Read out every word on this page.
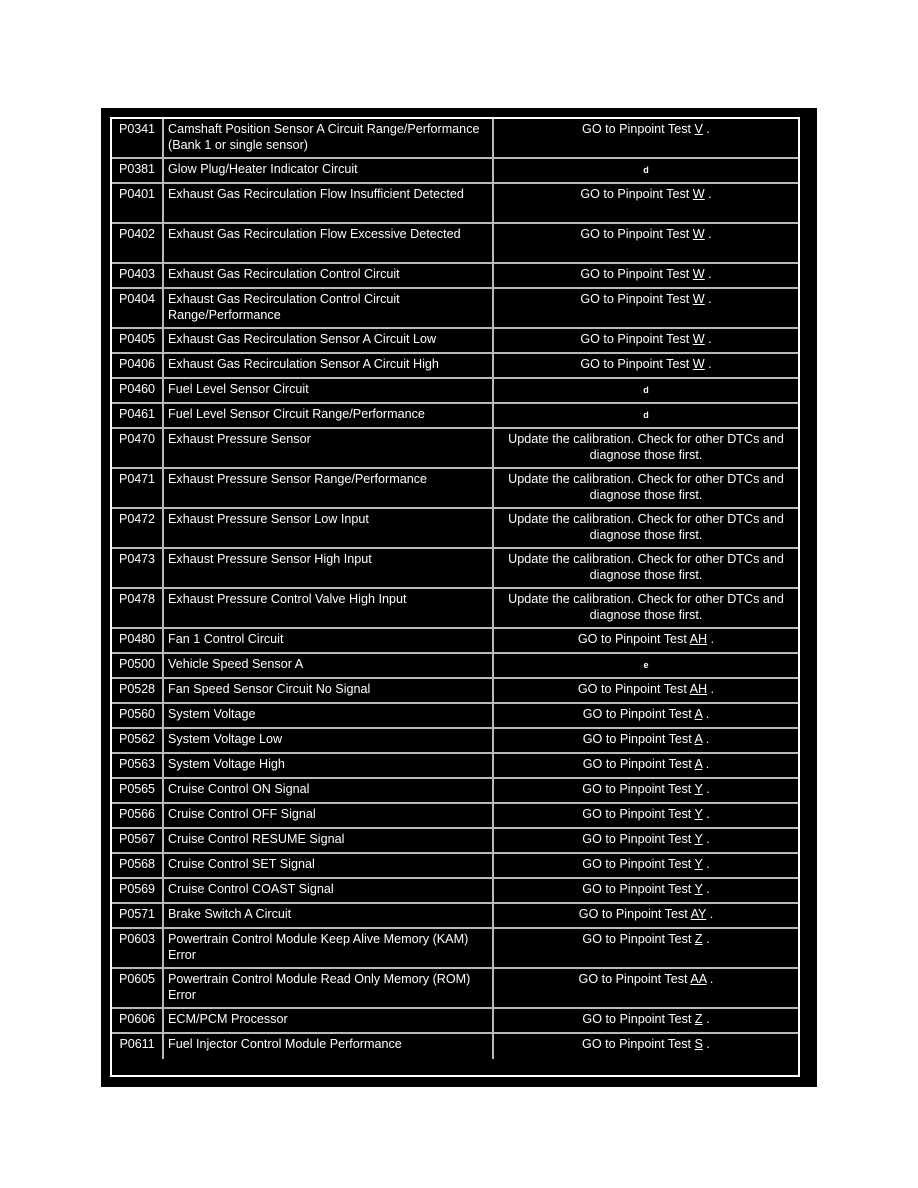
P0341	Camshaft Position Sensor A Circuit Range/Performance (Bank 1 or single sensor)	GO to Pinpoint Test V .
P0381	Glow Plug/Heater Indicator Circuit	d
P0401	Exhaust Gas Recirculation Flow Insufficient Detected	GO to Pinpoint Test W .
P0402	Exhaust Gas Recirculation Flow Excessive Detected	GO to Pinpoint Test W .
P0403	Exhaust Gas Recirculation Control Circuit	GO to Pinpoint Test W .
P0404	Exhaust Gas Recirculation Control Circuit Range/Performance	GO to Pinpoint Test W .
P0405	Exhaust Gas Recirculation Sensor A Circuit Low	GO to Pinpoint Test W .
P0406	Exhaust Gas Recirculation Sensor A Circuit High	GO to Pinpoint Test W .
P0460	Fuel Level Sensor Circuit	d
P0461	Fuel Level Sensor Circuit Range/Performance	d
P0470	Exhaust Pressure Sensor	Update the calibration. Check for other DTCs and diagnose those first.
P0471	Exhaust Pressure Sensor Range/Performance	Update the calibration. Check for other DTCs and diagnose those first.
P0472	Exhaust Pressure Sensor Low Input	Update the calibration. Check for other DTCs and diagnose those first.
P0473	Exhaust Pressure Sensor High Input	Update the calibration. Check for other DTCs and diagnose those first.
P0478	Exhaust Pressure Control Valve High Input	Update the calibration. Check for other DTCs and diagnose those first.
P0480	Fan 1 Control Circuit	GO to Pinpoint Test AH .
P0500	Vehicle Speed Sensor A	e
P0528	Fan Speed Sensor Circuit No Signal	GO to Pinpoint Test AH .
P0560	System Voltage	GO to Pinpoint Test A .
P0562	System Voltage Low	GO to Pinpoint Test A .
P0563	System Voltage High	GO to Pinpoint Test A .
P0565	Cruise Control ON Signal	GO to Pinpoint Test Y .
P0566	Cruise Control OFF Signal	GO to Pinpoint Test Y .
P0567	Cruise Control RESUME Signal	GO to Pinpoint Test Y .
P0568	Cruise Control SET Signal	GO to Pinpoint Test Y .
P0569	Cruise Control COAST Signal	GO to Pinpoint Test Y .
P0571	Brake Switch A Circuit	GO to Pinpoint Test AY .
P0603	Powertrain Control Module Keep Alive Memory (KAM) Error	GO to Pinpoint Test Z .
P0605	Powertrain Control Module Read Only Memory (ROM) Error	GO to Pinpoint Test AA .
P0606	ECM/PCM Processor	GO to Pinpoint Test Z .
P0611	Fuel Injector Control Module Performance	GO to Pinpoint Test S .
